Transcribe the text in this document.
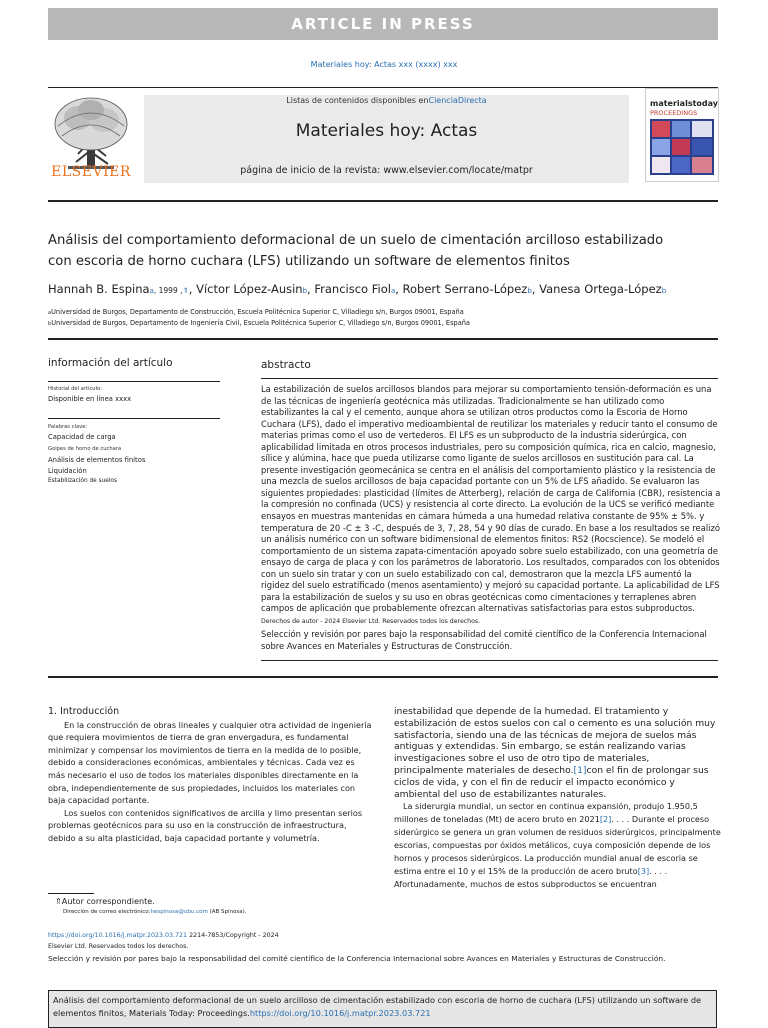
ARTICLE IN PRESS
Materiales hoy: Actas xxx (xxxx) xxx
ELSEVIER
Listas de contenidos disponibles enCienciaDirecta
Materiales hoy: Actas
página de inicio de la revista: www.elsevier.com/locate/matpr
materialstoday
PROCEEDINGS
Análisis del comportamiento deformacional de un suelo de cimentación arcilloso estabilizado
con escoria de horno cuchara (LFS) utilizando un software de elementos finitos
Hannah B. Espinaa, 1999 ,⇑, Víctor López-Ausinb, Francisco Fiola, Robert Serrano-Lópezb, Vanesa Ortega-Lópezb
aUniversidad de Burgos, Departamento de Construcción, Escuela Politécnica Superior C, Villadiego s/n, Burgos 09001, España
bUniversidad de Burgos, Departamento de Ingeniería Civil, Escuela Politécnica Superior C, Villadiego s/n, Burgos 09001, España
información del artículo
Historial del artículo:
Disponible en línea xxxx
Palabras clave:
Capacidad de carga
Golpes de horno de cuchara
Análisis de elementos finitos
Liquidación
Estabilización de suelos
abstracto
La estabilización de suelos arcillosos blandos para mejorar su comportamiento tensión-deformación es una de las técnicas de ingeniería geotécnica más utilizadas. Tradicionalmente se han utilizado como estabilizantes la cal y el cemento, aunque ahora se utilizan otros productos como la Escoria de Horno Cuchara (LFS), dado el imperativo medioambiental de reutilizar los materiales y reducir tanto el consumo de materias primas como el uso de vertederos. El LFS es un subproducto de la industria siderúrgica, con aplicabilidad limitada en otros procesos industriales, pero su composición química, rica en calcio, magnesio, sílice y alúmina, hace que pueda utilizarse como ligante de suelos arcillosos en sustitución para cal. La presente investigación geomecánica se centra en el análisis del comportamiento plástico y la resistencia de una mezcla de suelos arcillosos de baja capacidad portante con un 5% de LFS añadido. Se evaluaron las siguientes propiedades: plasticidad (límites de Atterberg), relación de carga de California (CBR), resistencia a la compresión no confinada (UCS) y resistencia al corte directo. La evolución de la UCS se verificó mediante ensayos en muestras mantenidas en cámara húmeda a una humedad relativa constante de 95% ± 5%. y temperatura de 20 -C ± 3 -C, después de 3, 7, 28, 54 y 90 días de curado. En base a los resultados se realizó un análisis numérico con un software bidimensional de elementos finitos: RS2 (Rocscience). Se modeló el comportamiento de un sistema zapata-cimentación apoyado sobre suelo estabilizado, con una geometría de ensayo de carga de placa y con los parámetros de laboratorio. Los resultados, comparados con los obtenidos con un suelo sin tratar y con un suelo estabilizado con cal, demostraron que la mezcla LFS aumentó la rigidez del suelo estratificado (menos asentamiento) y mejoró su capacidad portante. La aplicabilidad de LFS para la estabilización de suelos y su uso en obras geotécnicas como cimentaciones y terraplenes abren campos de aplicación que probablemente ofrezcan alternativas satisfactorias para estos subproductos.
Derechos de autor - 2024 Elsevier Ltd. Reservados todos los derechos.
Selección y revisión por pares bajo la responsabilidad del comité científico de la Conferencia Internacional sobre Avances en Materiales y Estructuras de Construcción.

1. Introducción

En la construcción de obras lineales y cualquier otra actividad de ingeniería que requiera movimientos de tierra de gran envergadura, es fundamental minimizar y compensar los movimientos de tierra en la medida de lo posible, debido a consideraciones económicas, ambientales y técnicas. Cada vez es más necesario el uso de todos los materiales disponibles directamente en la obra, independientemente de sus propiedades, incluidos los materiales con baja capacidad portante.

Los suelos con contenidos significativos de arcilla y limo presentan serios problemas geotécnicos para su uso en la construcción de infraestructura, debido a su alta plasticidad, baja capacidad portante y volumetría.

inestabilidad que depende de la humedad. El tratamiento y estabilización de estos suelos con cal o cemento es una solución muy satisfactoria, siendo una de las técnicas de mejora de suelos más antiguas y extendidas. Sin embargo, se están realizando varias investigaciones sobre el uso de otro tipo de materiales, principalmente materiales de desecho.[1]con el fin de prolongar sus ciclos de vida, y con el fin de reducir el impacto económico y ambiental del uso de estabilizantes naturales.

La siderurgia mundial, un sector en continua expansión, produjo 1.950,5 millones de toneladas (Mt) de acero bruto en 2021[2]. . . . Durante el proceso siderúrgico se genera un gran volumen de residuos siderúrgicos, principalmente escorias, compuestas por óxidos metálicos, cuya composición depende de los hornos y procesos siderúrgicos. La producción mundial anual de escoria se estima entre el 10 y el 15% de la producción de acero bruto[3]. . . . Afortunadamente, muchos de estos subproductos se encuentran

⇑Autor correspondiente.
Dirección de correo electrónico:hespinosa@ubu.com (AB Spinosa).
https://doi.org/10.1016/j.matpr.2023.03.721 2214-7853/Copyright - 2024
Elsevier Ltd. Reservados todos los derechos.
Selección y revisión por pares bajo la responsabilidad del comité científico de la Conferencia Internacional sobre Avances en Materiales y Estructuras de Construcción.
Análisis del comportamiento deformacional de un suelo arcilloso de cimentación estabilizado con escoria de horno de cuchara (LFS) utilizando un software de elementos finitos, Materials Today: Proceedings.https://doi.org/10.1016/j.matpr.2023.03.721
